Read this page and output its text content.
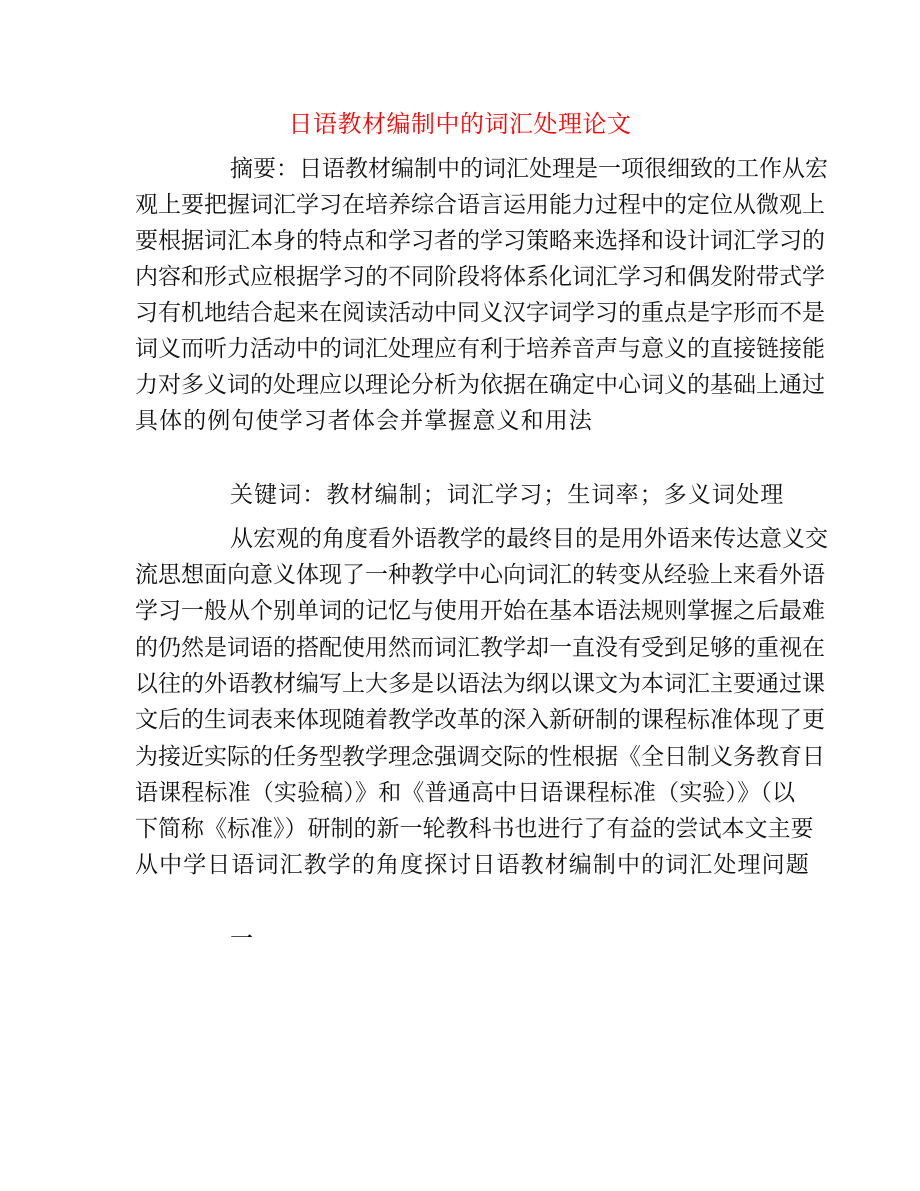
日语教材编制中的词汇处理论文
摘要：日语教材编制中的词汇处理是一项很细致的工作从宏
观上要把握词汇学习在培养综合语言运用能力过程中的定位从微观上
要根据词汇本身的特点和学习者的学习策略来选择和设计词汇学习的
内容和形式应根据学习的不同阶段将体系化词汇学习和偶发附带式学
习有机地结合起来在阅读活动中同义汉字词学习的重点是字形而不是
词义而听力活动中的词汇处理应有利于培养音声与意义的直接链接能
力对多义词的处理应以理论分析为依据在确定中心词义的基础上通过
具体的例句使学习者体会并掌握意义和用法
关键词：教材编制；词汇学习；生词率；多义词处理
从宏观的角度看外语教学的最终目的是用外语来传达意义交
流思想面向意义体现了一种教学中心向词汇的转变从经验上来看外语
学习一般从个别单词的记忆与使用开始在基本语法规则掌握之后最难
的仍然是词语的搭配使用然而词汇教学却一直没有受到足够的重视在
以往的外语教材编写上大多是以语法为纲以课文为本词汇主要通过课
文后的生词表来体现随着教学改革的深入新研制的课程标准体现了更
为接近实际的任务型教学理念强调交际的性根据《全日制义务教育日
语课程标准（实验稿）》和《普通高中日语课程标准（实验）》（以
下简称《标准》）研制的新一轮教科书也进行了有益的尝试本文主要
从中学日语词汇教学的角度探讨日语教材编制中的词汇处理问题
一
